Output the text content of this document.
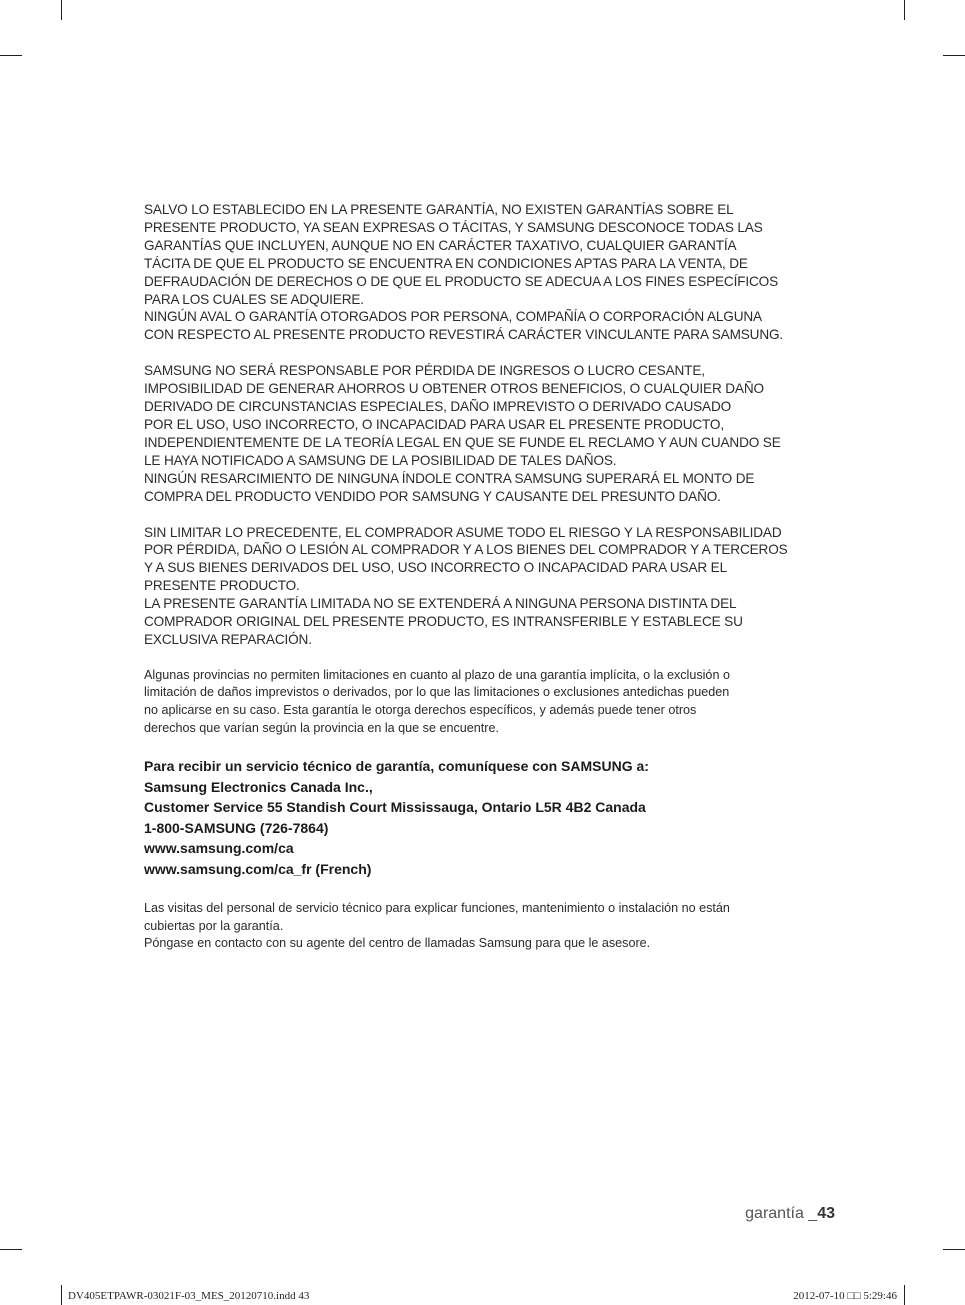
SALVO LO ESTABLECIDO EN LA PRESENTE GARANTÍA, NO EXISTEN GARANTÍAS SOBRE EL
PRESENTE PRODUCTO, YA SEAN EXPRESAS O TÁCITAS, Y SAMSUNG DESCONOCE TODAS LAS
GARANTÍAS QUE INCLUYEN, AUNQUE NO EN CARÁCTER TAXATIVO, CUALQUIER GARANTÍA
TÁCITA DE QUE EL PRODUCTO SE ENCUENTRA EN CONDICIONES APTAS PARA LA VENTA, DE
DEFRAUDACIÓN DE DERECHOS O DE QUE EL PRODUCTO SE ADECUA A LOS FINES ESPECÍFICOS
PARA LOS CUALES SE ADQUIERE.

NINGÚN AVAL O GARANTÍA OTORGADOS POR PERSONA, COMPAÑÍA O CORPORACIÓN ALGUNA
CON RESPECTO AL PRESENTE PRODUCTO REVESTIRÁ CARÁCTER VINCULANTE PARA SAMSUNG.

SAMSUNG NO SERÁ RESPONSABLE POR PÉRDIDA DE INGRESOS O LUCRO CESANTE,
IMPOSIBILIDAD DE GENERAR AHORROS U OBTENER OTROS BENEFICIOS, O CUALQUIER DAÑO
DERIVADO DE CIRCUNSTANCIAS ESPECIALES, DAÑO IMPREVISTO O DERIVADO CAUSADO
POR EL USO, USO INCORRECTO, O INCAPACIDAD PARA USAR EL PRESENTE PRODUCTO,
INDEPENDIENTEMENTE DE LA TEORÍA LEGAL EN QUE SE FUNDE EL RECLAMO Y AUN CUANDO SE
LE HAYA NOTIFICADO A SAMSUNG DE LA POSIBILIDAD DE TALES DAÑOS.

NINGÚN RESARCIMIENTO DE NINGUNA ÍNDOLE CONTRA SAMSUNG SUPERARÁ EL MONTO DE
COMPRA DEL PRODUCTO VENDIDO POR SAMSUNG Y CAUSANTE DEL PRESUNTO DAÑO.

SIN LIMITAR LO PRECEDENTE, EL COMPRADOR ASUME TODO EL RIESGO Y LA RESPONSABILIDAD
POR PÉRDIDA, DAÑO O LESIÓN AL COMPRADOR Y A LOS BIENES DEL COMPRADOR Y A TERCEROS
Y A SUS BIENES DERIVADOS DEL USO, USO INCORRECTO O INCAPACIDAD PARA USAR EL
PRESENTE PRODUCTO.

LA PRESENTE GARANTÍA LIMITADA NO SE EXTENDERÁ A NINGUNA PERSONA DISTINTA DEL
COMPRADOR ORIGINAL DEL PRESENTE PRODUCTO, ES INTRANSFERIBLE Y ESTABLECE SU
EXCLUSIVA REPARACIÓN.

Algunas provincias no permiten limitaciones en cuanto al plazo de una garantía implícita, o la exclusión o
limitación de daños imprevistos o derivados, por lo que las limitaciones o exclusiones antedichas pueden
no aplicarse en su caso. Esta garantía le otorga derechos específicos, y además puede tener otros
derechos que varían según la provincia en la que se encuentre.

Para recibir un servicio técnico de garantía, comuníquese con SAMSUNG a:
Samsung Electronics Canada Inc.,
Customer Service 55 Standish Court Mississauga, Ontario L5R 4B2 Canada
1-800-SAMSUNG (726-7864)
www.samsung.com/ca
www.samsung.com/ca_fr (French)

Las visitas del personal de servicio técnico para explicar funciones, mantenimiento o instalación no están
cubiertas por la garantía.

Póngase en contacto con su agente del centro de llamadas Samsung para que le asesore.

garantía _43
DV405ETPAWR-03021F-03_MES_20120710.indd 43	2012-07-10 □□ 5:29:46
